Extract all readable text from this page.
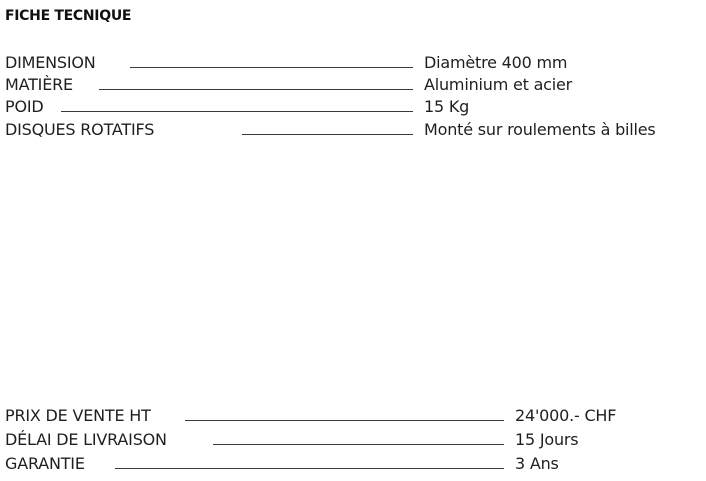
FICHE TECNIQUE
DIMENSION	Diamètre 400 mm
MATIÈRE	Aluminium et acier
POID	15 Kg
DISQUES ROTATIFS	Monté sur roulements à billes
PRIX DE VENTE HT	24'000.- CHF
DÉLAI DE LIVRAISON	15 Jours
GARANTIE	3 Ans
